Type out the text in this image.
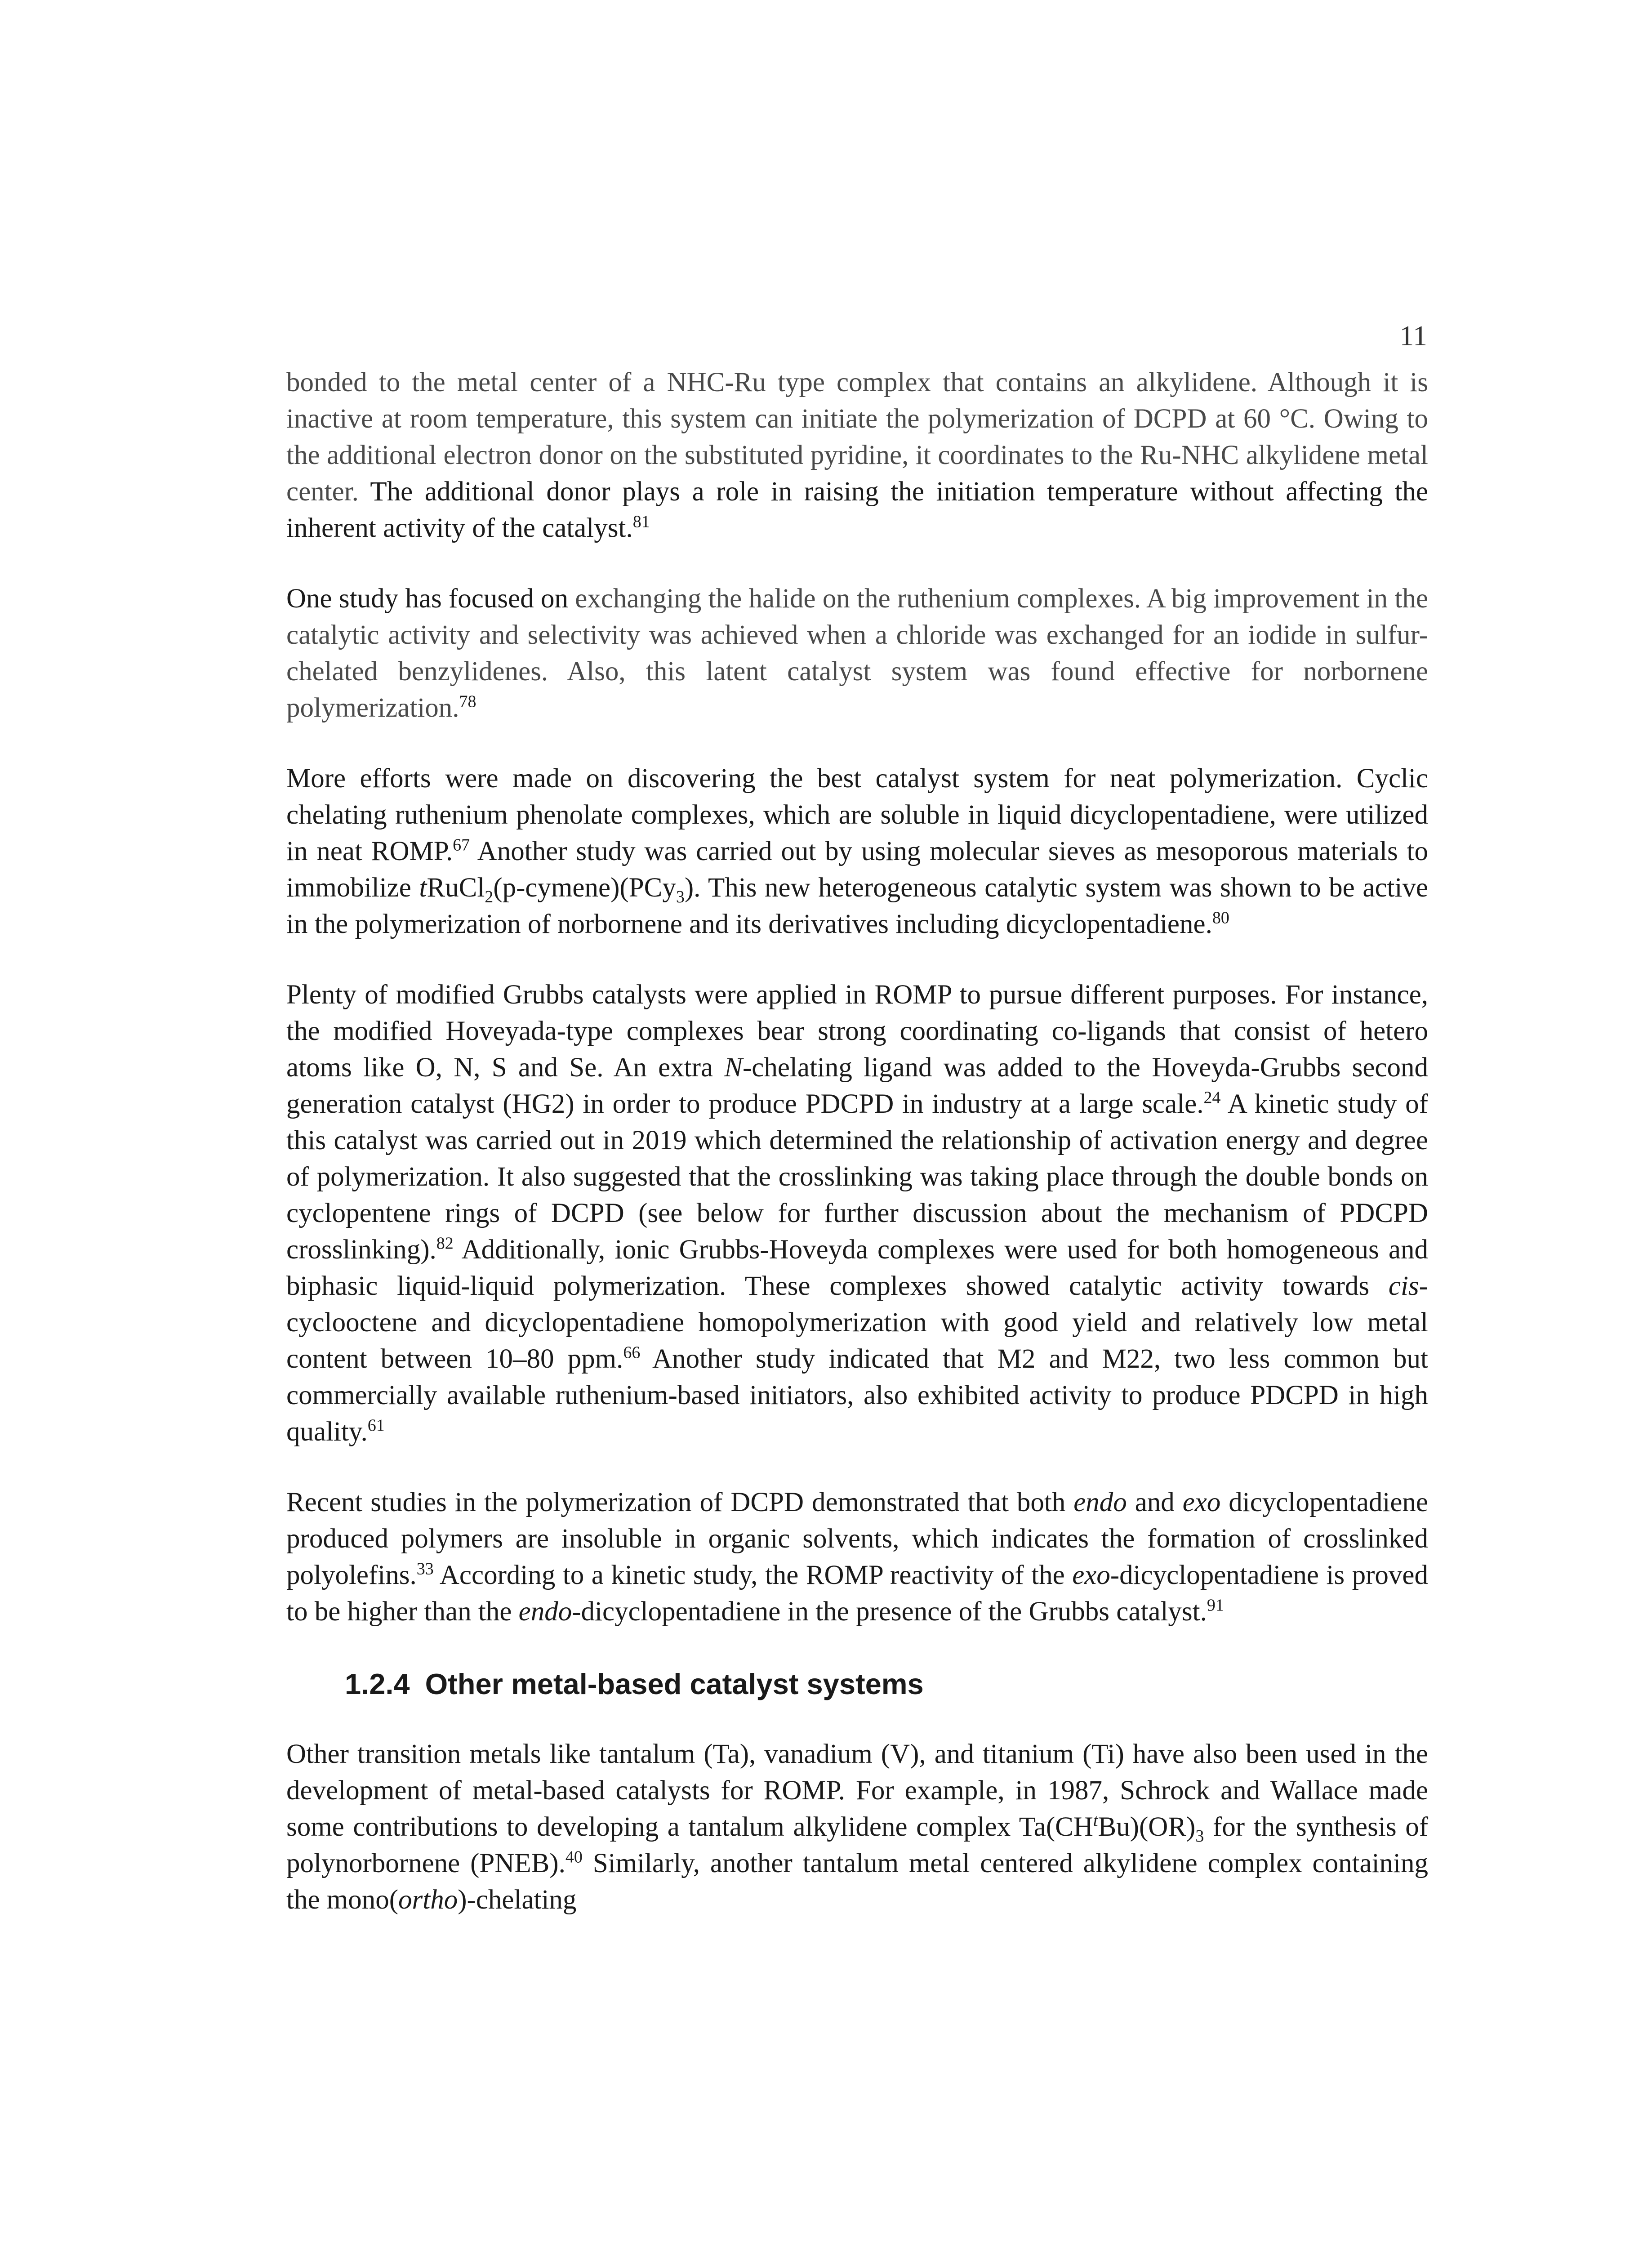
11

bonded to the metal center of a NHC-Ru type complex that contains an alkylidene. Although it is inactive at room temperature, this system can initiate the polymerization of DCPD at 60 °C. Owing to the additional electron donor on the substituted pyridine, it coordinates to the Ru-NHC alkylidene metal center. The additional donor plays a role in raising the initiation temperature without affecting the inherent activity of the catalyst.$^{81}$

One study has focused on exchanging the halide on the ruthenium complexes. A big improvement in the catalytic activity and selectivity was achieved when a chloride was exchanged for an iodide in sulfur-chelated benzylidenes. Also, this latent catalyst system was found effective for norbornene polymerization.$^{78}$

More efforts were made on discovering the best catalyst system for neat polymerization. Cyclic chelating ruthenium phenolate complexes, which are soluble in liquid dicyclopentadiene, were utilized in neat ROMP.$^{67}$ Another study was carried out by using molecular sieves as mesoporous materials to immobilize tRuCl$_2$(p-cymene)(PCy$_3$). This new heterogeneous catalytic system was shown to be active in the polymerization of norbornene and its derivatives including dicyclopentadiene.$^{80}$

Plenty of modified Grubbs catalysts were applied in ROMP to pursue different purposes. For instance, the modified Hoveyada-type complexes bear strong coordinating co-ligands that consist of hetero atoms like O, N, S and Se. An extra N-chelating ligand was added to the Hoveyda-Grubbs second generation catalyst (HG2) in order to produce PDCPD in industry at a large scale.$^{24}$ A kinetic study of this catalyst was carried out in 2019 which determined the relationship of activation energy and degree of polymerization. It also suggested that the crosslinking was taking place through the double bonds on cyclopentene rings of DCPD (see below for further discussion about the mechanism of PDCPD crosslinking).$^{82}$ Additionally, ionic Grubbs-Hoveyda complexes were used for both homogeneous and biphasic liquid-liquid polymerization. These complexes showed catalytic activity towards cis-cyclooctene and dicyclopentadiene homopolymerization with good yield and relatively low metal content between 10–80 ppm.$^{66}$ Another study indicated that M2 and M22, two less common but commercially available ruthenium-based initiators, also exhibited activity to produce PDCPD in high quality.$^{61}$

Recent studies in the polymerization of DCPD demonstrated that both endo and exo dicyclopentadiene produced polymers are insoluble in organic solvents, which indicates the formation of crosslinked polyolefins.$^{33}$ According to a kinetic study, the ROMP reactivity of the exo-dicyclopentadiene is proved to be higher than the endo-dicyclopentadiene in the presence of the Grubbs catalyst.$^{91}$

1.2.4 Other metal-based catalyst systems

Other transition metals like tantalum (Ta), vanadium (V), and titanium (Ti) have also been used in the development of metal-based catalysts for ROMP. For example, in 1987, Schrock and Wallace made some contributions to developing a tantalum alkylidene complex $Ta(CH^tBu)(OR)_3$ for the synthesis of polynorbornene (PNEB).$^{40}$ Similarly, another tantalum metal centered alkylidene complex containing the mono(ortho)-chelating
